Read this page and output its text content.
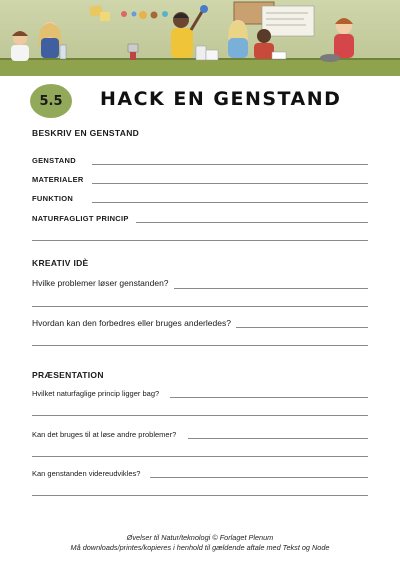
5.5 HACK EN GENSTAND
BESKRIV EN GENSTAND
GENSTAND
MATERIALER
FUNKTION
NATURFAGLIGT PRINCIP
KREATIV IDÈ
Hvilke problemer løser genstanden?
Hvordan kan den forbedres eller bruges anderledes?
PRÆSENTATION
Hvilket naturfaglige princip ligger bag?
Kan det bruges til at løse andre problemer?
Kan genstanden videreudvikles?
Øvelser til Natur/teknologi © Forlaget Plenum
Må downloads/printes/kopieres i henhold til gældende aftale med Tekst og Node
